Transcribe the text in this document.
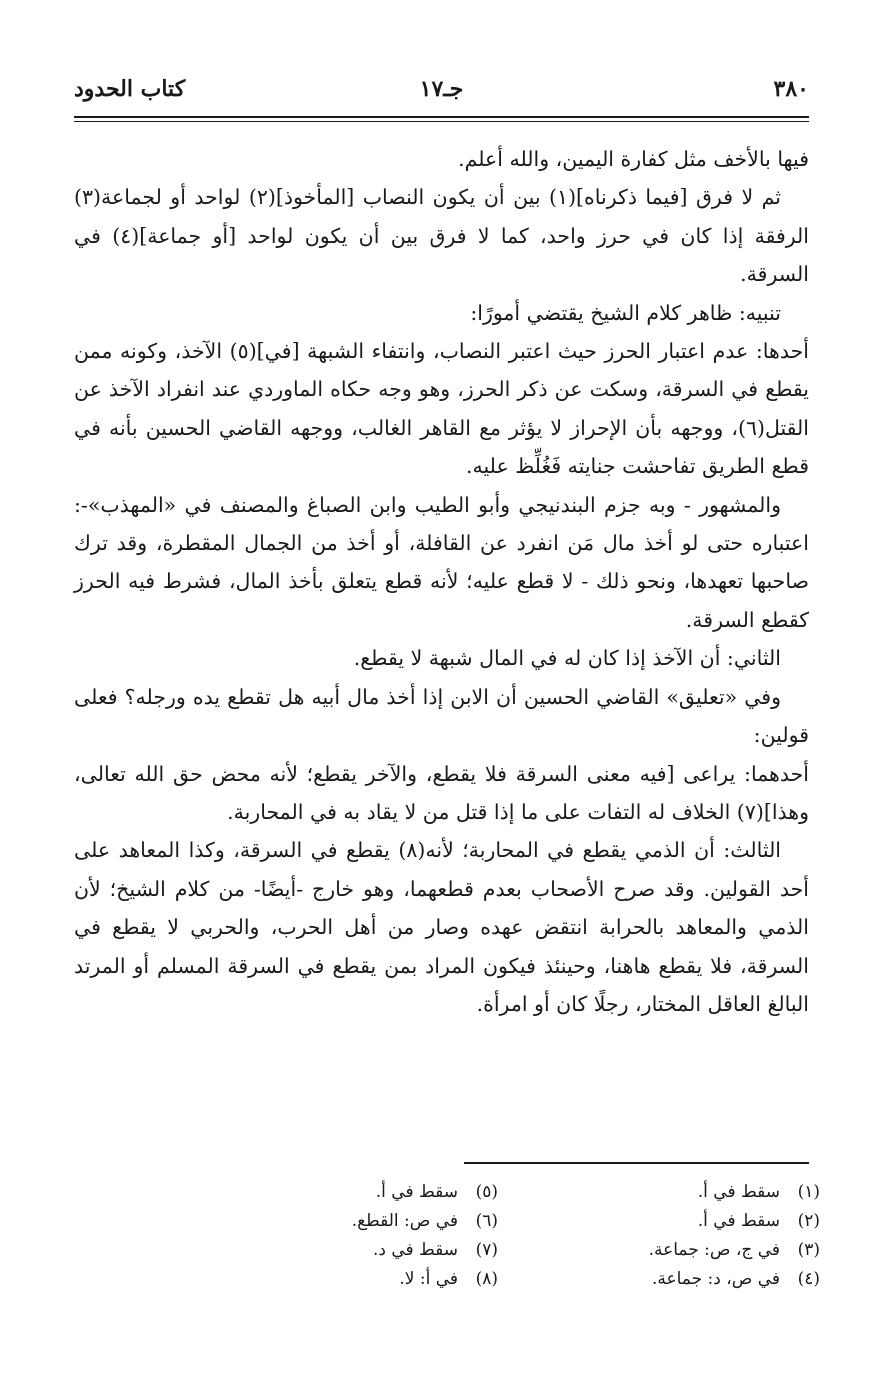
٣٨٠
جـ١٧
كتاب الحدود

فيها بالأخف مثل كفارة اليمين، والله أعلم.

ثم لا فرق [فيما ذكرناه](١) بين أن يكون النصاب [المأخوذ](٢) لواحد أو لجماعة(٣) الرفقة إذا كان في حرز واحد، كما لا فرق بين أن يكون لواحد [أو جماعة](٤) في السرقة.

تنبيه: ظاهر كلام الشيخ يقتضي أمورًا:

أحدها: عدم اعتبار الحرز حيث اعتبر النصاب، وانتفاء الشبهة [في](٥) الآخذ، وكونه ممن يقطع في السرقة، وسكت عن ذكر الحرز، وهو وجه حكاه الماوردي عند انفراد الآخذ عن القتل(٦)، ووجهه بأن الإحراز لا يؤثر مع القاهر الغالب، ووجهه القاضي الحسين بأنه في قطع الطريق تفاحشت جنايته فَغُلِّظ عليه.

والمشهور - وبه جزم البندنيجي وأبو الطيب وابن الصباغ والمصنف في «المهذب»-: اعتباره حتى لو أخذ مال مَن انفرد عن القافلة، أو أخذ من الجمال المقطرة، وقد ترك صاحبها تعهدها، ونحو ذلك - لا قطع عليه؛ لأنه قطع يتعلق بأخذ المال، فشرط فيه الحرز كقطع السرقة.

الثاني: أن الآخذ إذا كان له في المال شبهة لا يقطع.

وفي «تعليق» القاضي الحسين أن الابن إذا أخذ مال أبيه هل تقطع يده ورجله؟ فعلى قولين:

أحدهما: يراعى [فيه معنى السرقة فلا يقطع، والآخر يقطع؛ لأنه محض حق الله تعالى، وهذا](٧) الخلاف له التفات على ما إذا قتل من لا يقاد به في المحاربة.

الثالث: أن الذمي يقطع في المحاربة؛ لأنه(٨) يقطع في السرقة، وكذا المعاهد على أحد القولين. وقد صرح الأصحاب بعدم قطعهما، وهو خارج -أيضًا- من كلام الشيخ؛ لأن الذمي والمعاهد بالحرابة انتقض عهده وصار من أهل الحرب، والحربي لا يقطع في السرقة، فلا يقطع هاهنا، وحينئذ فيكون المراد بمن يقطع في السرقة المسلم أو المرتد البالغ العاقل المختار، رجلًا كان أو امرأة.

(١)سقط في أ.
(٢)سقط في أ.
(٣)في ج، ص: جماعة.
(٤)في ص، د: جماعة.
(٥)سقط في أ.
(٦)في ص: القطع.
(٧)سقط في د.
(٨)في أ: لا.
